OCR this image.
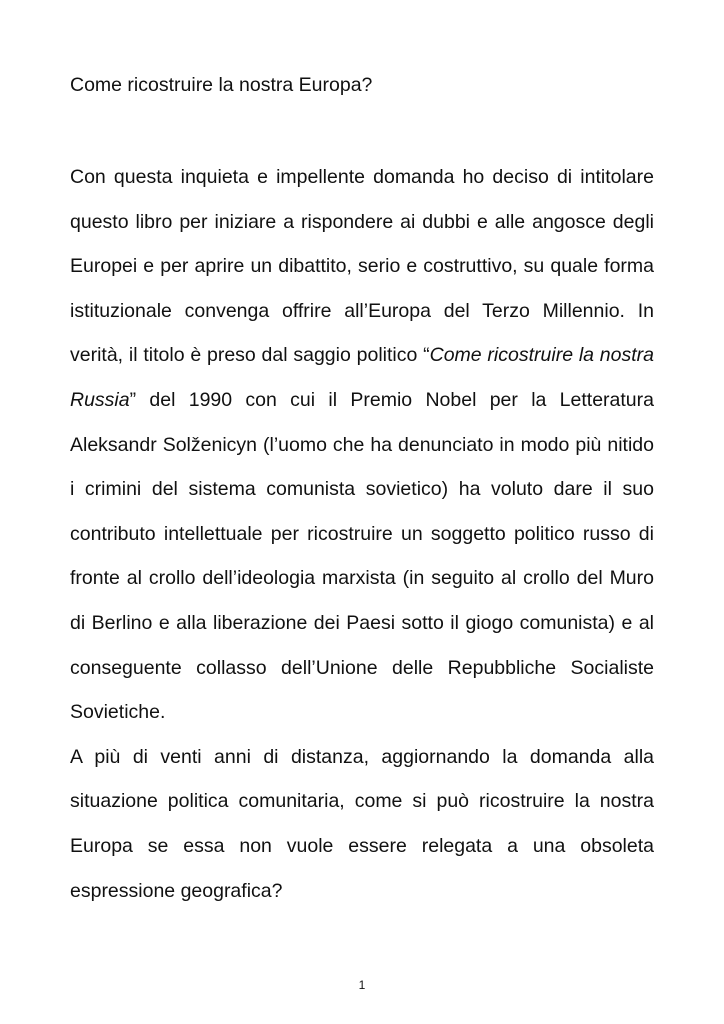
Come ricostruire la nostra Europa?

Con questa inquieta e impellente domanda ho deciso di intitolare questo libro per iniziare a rispondere ai dubbi e alle angosce degli Europei e per aprire un dibattito, serio e costruttivo, su quale forma istituzionale convenga offrire all’Europa del Terzo Millennio. In verità, il titolo è preso dal saggio politico “Come ricostruire la nostra Russia” del 1990 con cui il Premio Nobel per la Letteratura Aleksandr Solženicyn (l’uomo che ha denunciato in modo più nitido i crimini del sistema comunista sovietico) ha voluto dare il suo contributo intellettuale per ricostruire un soggetto politico russo di fronte al crollo dell’ideologia marxista (in seguito al crollo del Muro di Berlino e alla liberazione dei Paesi sotto il giogo comunista) e al conseguente collasso dell’Unione delle Repubbliche Socialiste Sovietiche.

A più di venti anni di distanza, aggiornando la domanda alla situazione politica comunitaria, come si può ricostruire la nostra Europa se essa non vuole essere relegata a una obsoleta espressione geografica?

1
